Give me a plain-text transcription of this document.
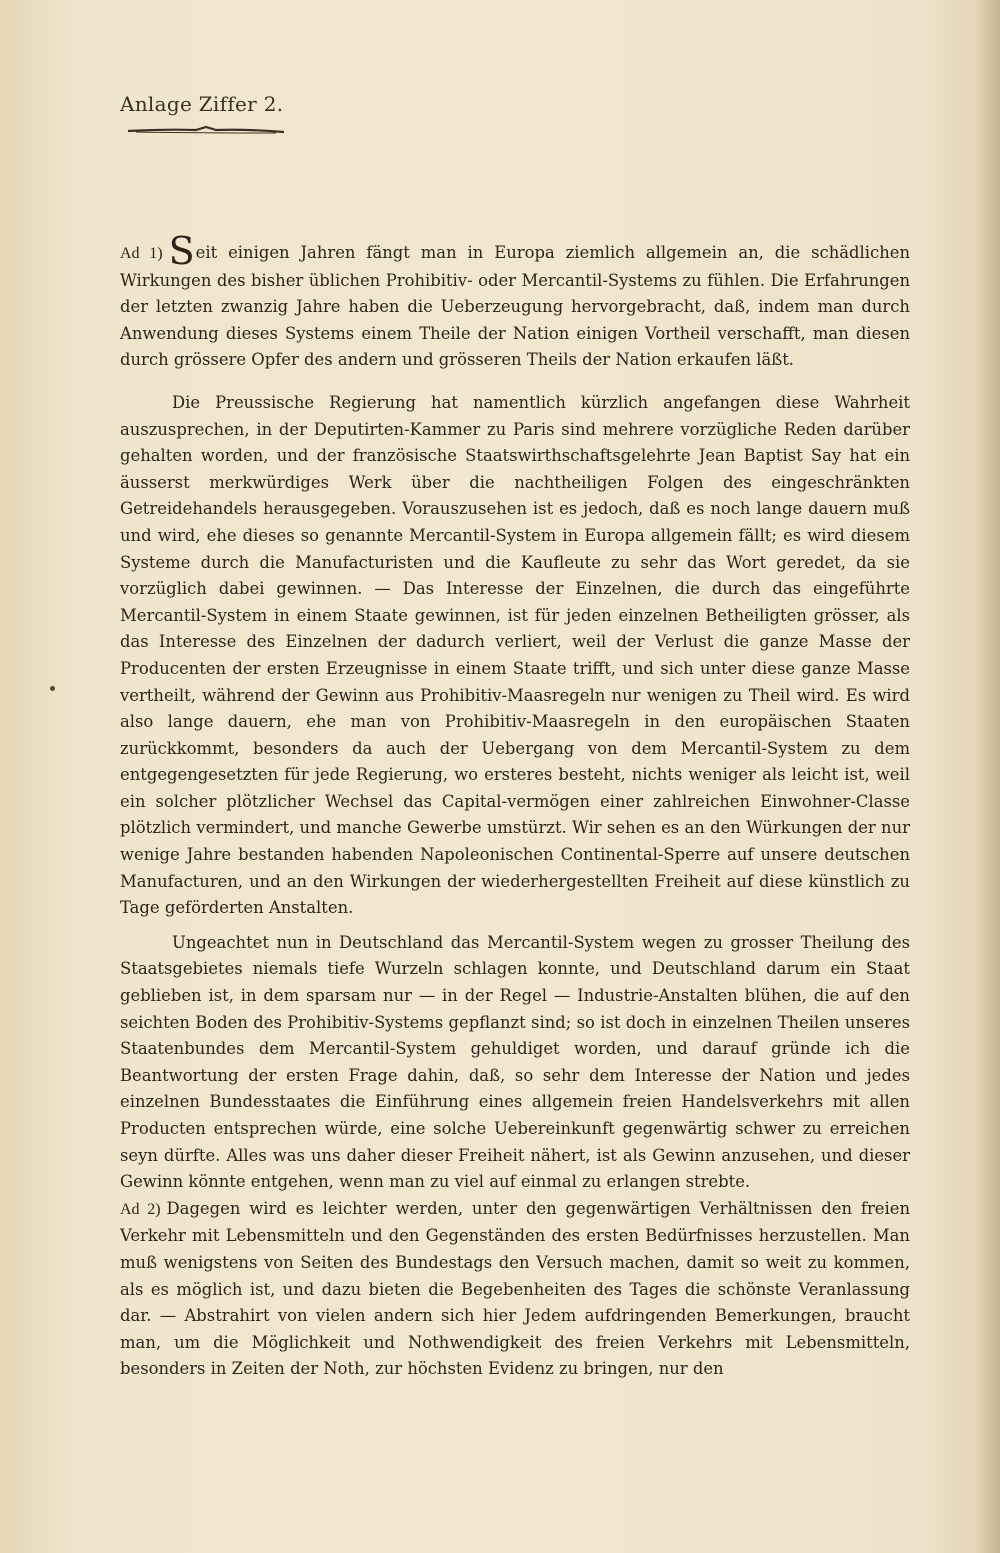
Anlage Ziffer 2.

Ad 1) Seit einigen Jahren fängt man in Europa ziemlich allgemein an, die schädlichen Wirkungen des bisher üblichen Prohibitiv- oder Mercantil-Systems zu fühlen. Die Erfahrungen der letzten zwanzig Jahre haben die Ueberzeugung hervorgebracht, daß, indem man durch Anwendung dieses Systems einem Theile der Nation einigen Vortheil verschafft, man diesen durch grössere Opfer des andern und grösseren Theils der Nation erkaufen läßt.

Die Preussische Regierung hat namentlich kürzlich angefangen diese Wahrheit auszusprechen, in der Deputirten-Kammer zu Paris sind mehrere vorzügliche Reden darüber gehalten worden, und der französische Staatswirthschaftsgelehrte Jean Baptist Say hat ein äusserst merkwürdiges Werk über die nachtheiligen Folgen des eingeschränkten Getreidehandels herausgegeben. Vorauszusehen ist es jedoch, daß es noch lange dauern muß und wird, ehe dieses so genannte Mercantil-System in Europa allgemein fällt; es wird diesem Systeme durch die Manufacturisten und die Kaufleute zu sehr das Wort geredet, da sie vorzüglich dabei gewinnen. — Das Interesse der Einzelnen, die durch das eingeführte Mercantil-System in einem Staate gewinnen, ist für jeden einzelnen Betheiligten grösser, als das Interesse des Einzelnen der dadurch verliert, weil der Verlust die ganze Masse der Producenten der ersten Erzeugnisse in einem Staate trifft, und sich unter diese ganze Masse vertheilt, während der Gewinn aus Prohibitiv-Maasregeln nur wenigen zu Theil wird. Es wird also lange dauern, ehe man von Prohibitiv-Maasregeln in den europäischen Staaten zurückkommt, besonders da auch der Uebergang von dem Mercantil-System zu dem entgegengesetzten für jede Regierung, wo ersteres besteht, nichts weniger als leicht ist, weil ein solcher plötzlicher Wechsel das Capital-vermögen einer zahlreichen Einwohner-Classe plötzlich vermindert, und manche Gewerbe umstürzt. Wir sehen es an den Würkungen der nur wenige Jahre bestanden habenden Napoleonischen Continental-Sperre auf unsere deutschen Manufacturen, und an den Wirkungen der wiederhergestellten Freiheit auf diese künstlich zu Tage geförderten Anstalten.

Ungeachtet nun in Deutschland das Mercantil-System wegen zu grosser Theilung des Staatsgebietes niemals tiefe Wurzeln schlagen konnte, und Deutschland darum ein Staat geblieben ist, in dem sparsam nur — in der Regel — Industrie-Anstalten blühen, die auf den seichten Boden des Prohibitiv-Systems gepflanzt sind; so ist doch in einzelnen Theilen unseres Staatenbundes dem Mercantil-System gehuldiget worden, und darauf gründe ich die Beantwortung der ersten Frage dahin, daß, so sehr dem Interesse der Nation und jedes einzelnen Bundesstaates die Einführung eines allgemein freien Handelsverkehrs mit allen Producten entsprechen würde, eine solche Uebereinkunft gegenwärtig schwer zu erreichen seyn dürfte. Alles was uns daher dieser Freiheit nähert, ist als Gewinn anzusehen, und dieser Gewinn könnte entgehen, wenn man zu viel auf einmal zu erlangen strebte.

Ad 2) Dagegen wird es leichter werden, unter den gegenwärtigen Verhältnissen den freien Verkehr mit Lebensmitteln und den Gegenständen des ersten Bedürfnisses herzustellen. Man muß wenigstens von Seiten des Bundestags den Versuch machen, damit so weit zu kommen, als es möglich ist, und dazu bieten die Begebenheiten des Tages die schönste Veranlassung dar. — Abstrahirt von vielen andern sich hier Jedem aufdringenden Bemerkungen, braucht man, um die Möglichkeit und Nothwendigkeit des freien Verkehrs mit Lebensmitteln, besonders in Zeiten der Noth, zur höchsten Evidenz zu bringen, nur den
